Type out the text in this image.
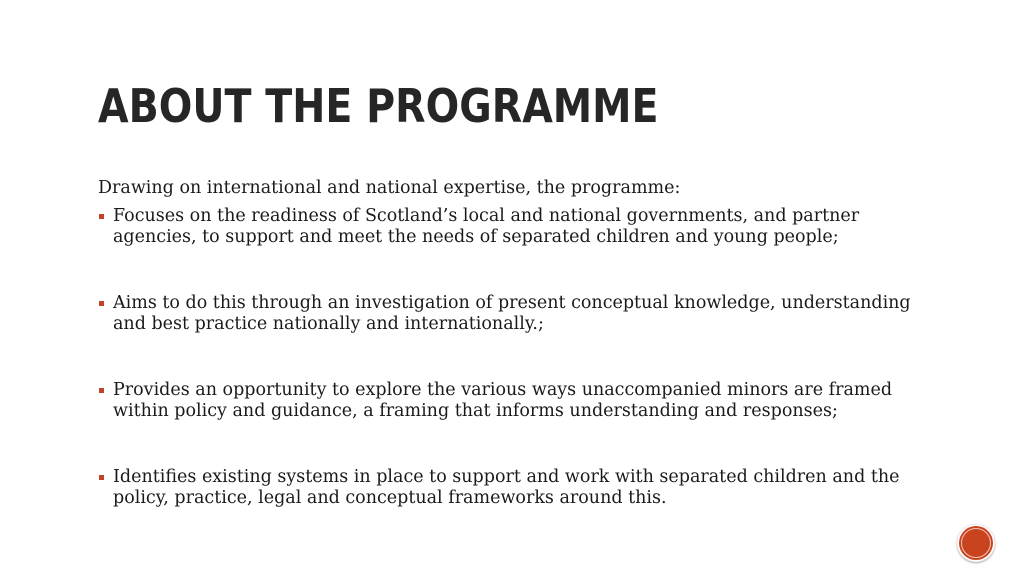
ABOUT THE PROGRAMME

Drawing on international and national expertise, the programme:

Focuses on the readiness of Scotland’s local and national governments, and partner agencies, to support and meet the needs of separated children and young people;
Aims to do this through an investigation of present conceptual knowledge, understanding and best practice nationally and internationally.;
Provides an opportunity to explore the various ways unaccompanied minors are framed within policy and guidance, a framing that informs understanding and responses;
Identifies existing systems in place to support and work with separated children and the policy, practice, legal and conceptual frameworks around this.
